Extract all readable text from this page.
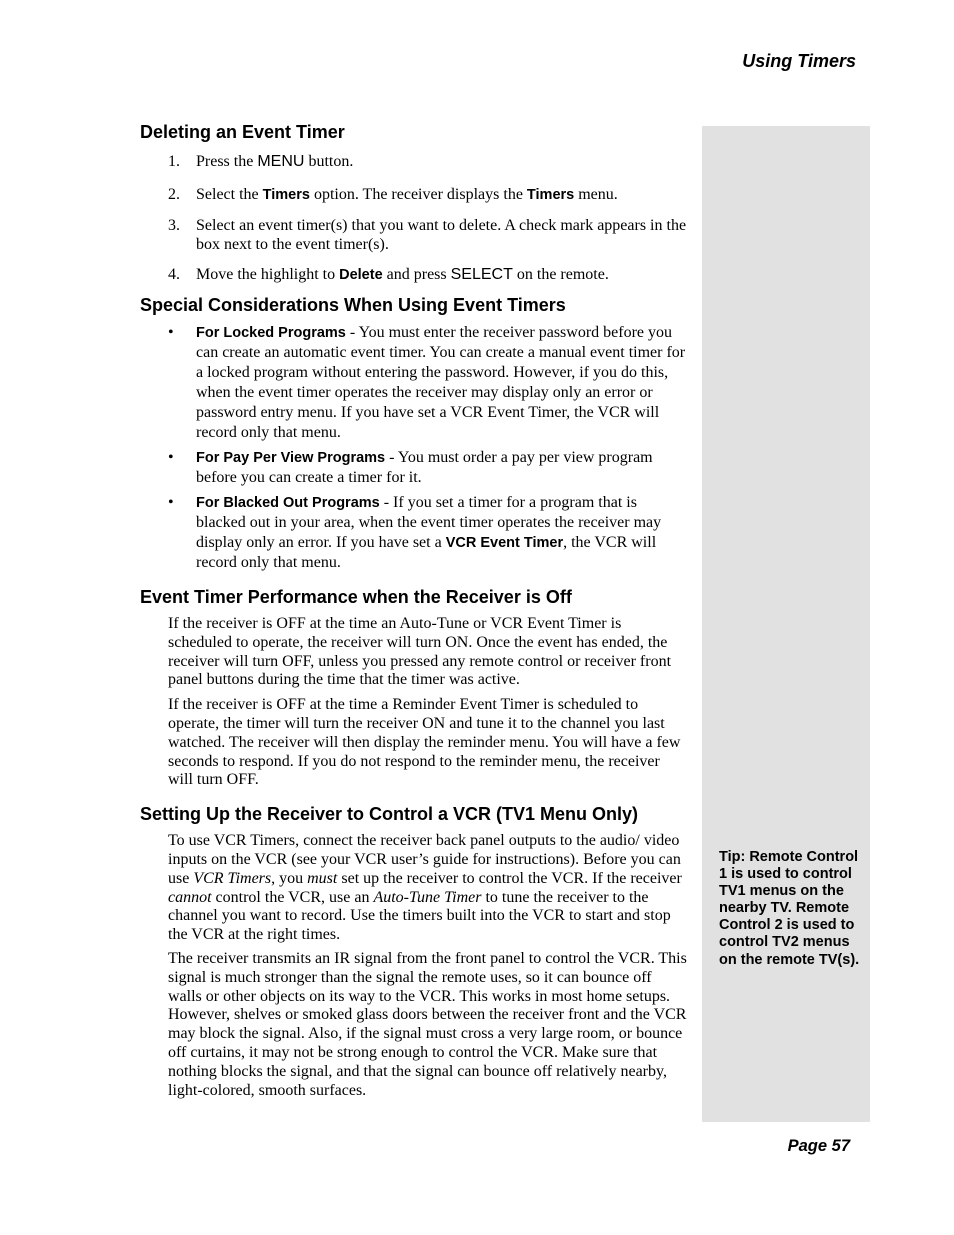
Using Timers
Tip: Remote Control 1 is used to control TV1 menus on the nearby TV. Remote Control 2 is used to control TV2 menus on the remote TV(s).
Deleting an Event Timer
1. Press the MENU button.
2. Select the Timers option. The receiver displays the Timers menu.
3. Select an event timer(s) that you want to delete. A check mark appears in the box next to the event timer(s).
4. Move the highlight to Delete and press SELECT on the remote.
Special Considerations When Using Event Timers
• For Locked Programs - You must enter the receiver password before you can create an automatic event timer. You can create a manual event timer for a locked program without entering the password. However, if you do this, when the event timer operates the receiver may display only an error or password entry menu. If you have set a VCR Event Timer, the VCR will record only that menu.
• For Pay Per View Programs - You must order a pay per view program before you can create a timer for it.
• For Blacked Out Programs - If you set a timer for a program that is blacked out in your area, when the event timer operates the receiver may display only an error. If you have set a VCR Event Timer, the VCR will record only that menu.
Event Timer Performance when the Receiver is Off

If the receiver is OFF at the time an Auto-Tune or VCR Event Timer is scheduled to operate, the receiver will turn ON. Once the event has ended, the receiver will turn OFF, unless you pressed any remote control or receiver front panel buttons during the time that the timer was active.

If the receiver is OFF at the time a Reminder Event Timer is scheduled to operate, the timer will turn the receiver ON and tune it to the channel you last watched. The receiver will then display the reminder menu. You will have a few seconds to respond. If you do not respond to the reminder menu, the receiver will turn OFF.

Setting Up the Receiver to Control a VCR (TV1 Menu Only)

To use VCR Timers, connect the receiver back panel outputs to the audio/ video inputs on the VCR (see your VCR user’s guide for instructions). Before you can use VCR Timers, you must set up the receiver to control the VCR. If the receiver cannot control the VCR, use an Auto-Tune Timer to tune the receiver to the channel you want to record. Use the timers built into the VCR to start and stop the VCR at the right times.

The receiver transmits an IR signal from the front panel to control the VCR. This signal is much stronger than the signal the remote uses, so it can bounce off walls or other objects on its way to the VCR. This works in most home setups. However, shelves or smoked glass doors between the receiver front and the VCR may block the signal. Also, if the signal must cross a very large room, or bounce off curtains, it may not be strong enough to control the VCR. Make sure that nothing blocks the signal, and that the signal can bounce off relatively nearby, light-colored, smooth surfaces.

Page 57
